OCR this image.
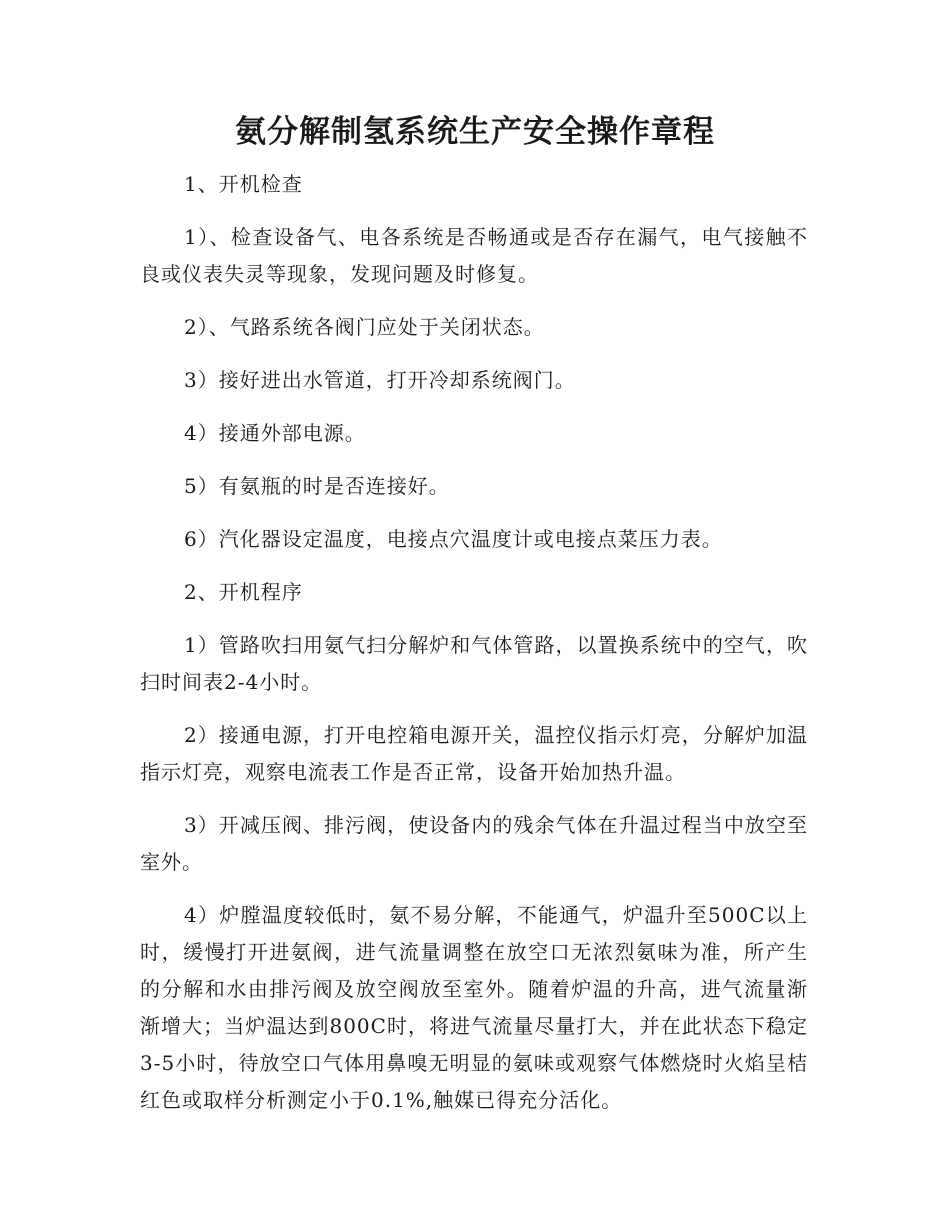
氨分解制氢系统生产安全操作章程

1、开机检查

1）、检查设备气、电各系统是否畅通或是否存在漏气，电气接触不良或仪表失灵等现象，发现问题及时修复。

2）、气路系统各阀门应处于关闭状态。

3）接好进出水管道，打开冷却系统阀门。

4）接通外部电源。

5）有氨瓶的时是否连接好。

6）汽化器设定温度，电接点穴温度计或电接点菜压力表。

2、开机程序

1）管路吹扫用氨气扫分解炉和气体管路，以置换系统中的空气，吹扫时间表2-4小时。

2）接通电源，打开电控箱电源开关，温控仪指示灯亮，分解炉加温指示灯亮，观察电流表工作是否正常，设备开始加热升温。

3）开减压阀、排污阀，使设备内的残余气体在升温过程当中放空至室外。

4）炉膛温度较低时，氨不易分解，不能通气，炉温升至500C以上时，缓慢打开进氨阀，进气流量调整在放空口无浓烈氨味为准，所产生的分解和水由排污阀及放空阀放至室外。随着炉温的升高，进气流量渐渐增大；当炉温达到800C时，将进气流量尽量打大，并在此状态下稳定3-5小时，待放空口气体用鼻嗅无明显的氨味或观察气体燃烧时火焰呈桔红色或取样分析测定小于0.1%,触媒已得充分活化。
